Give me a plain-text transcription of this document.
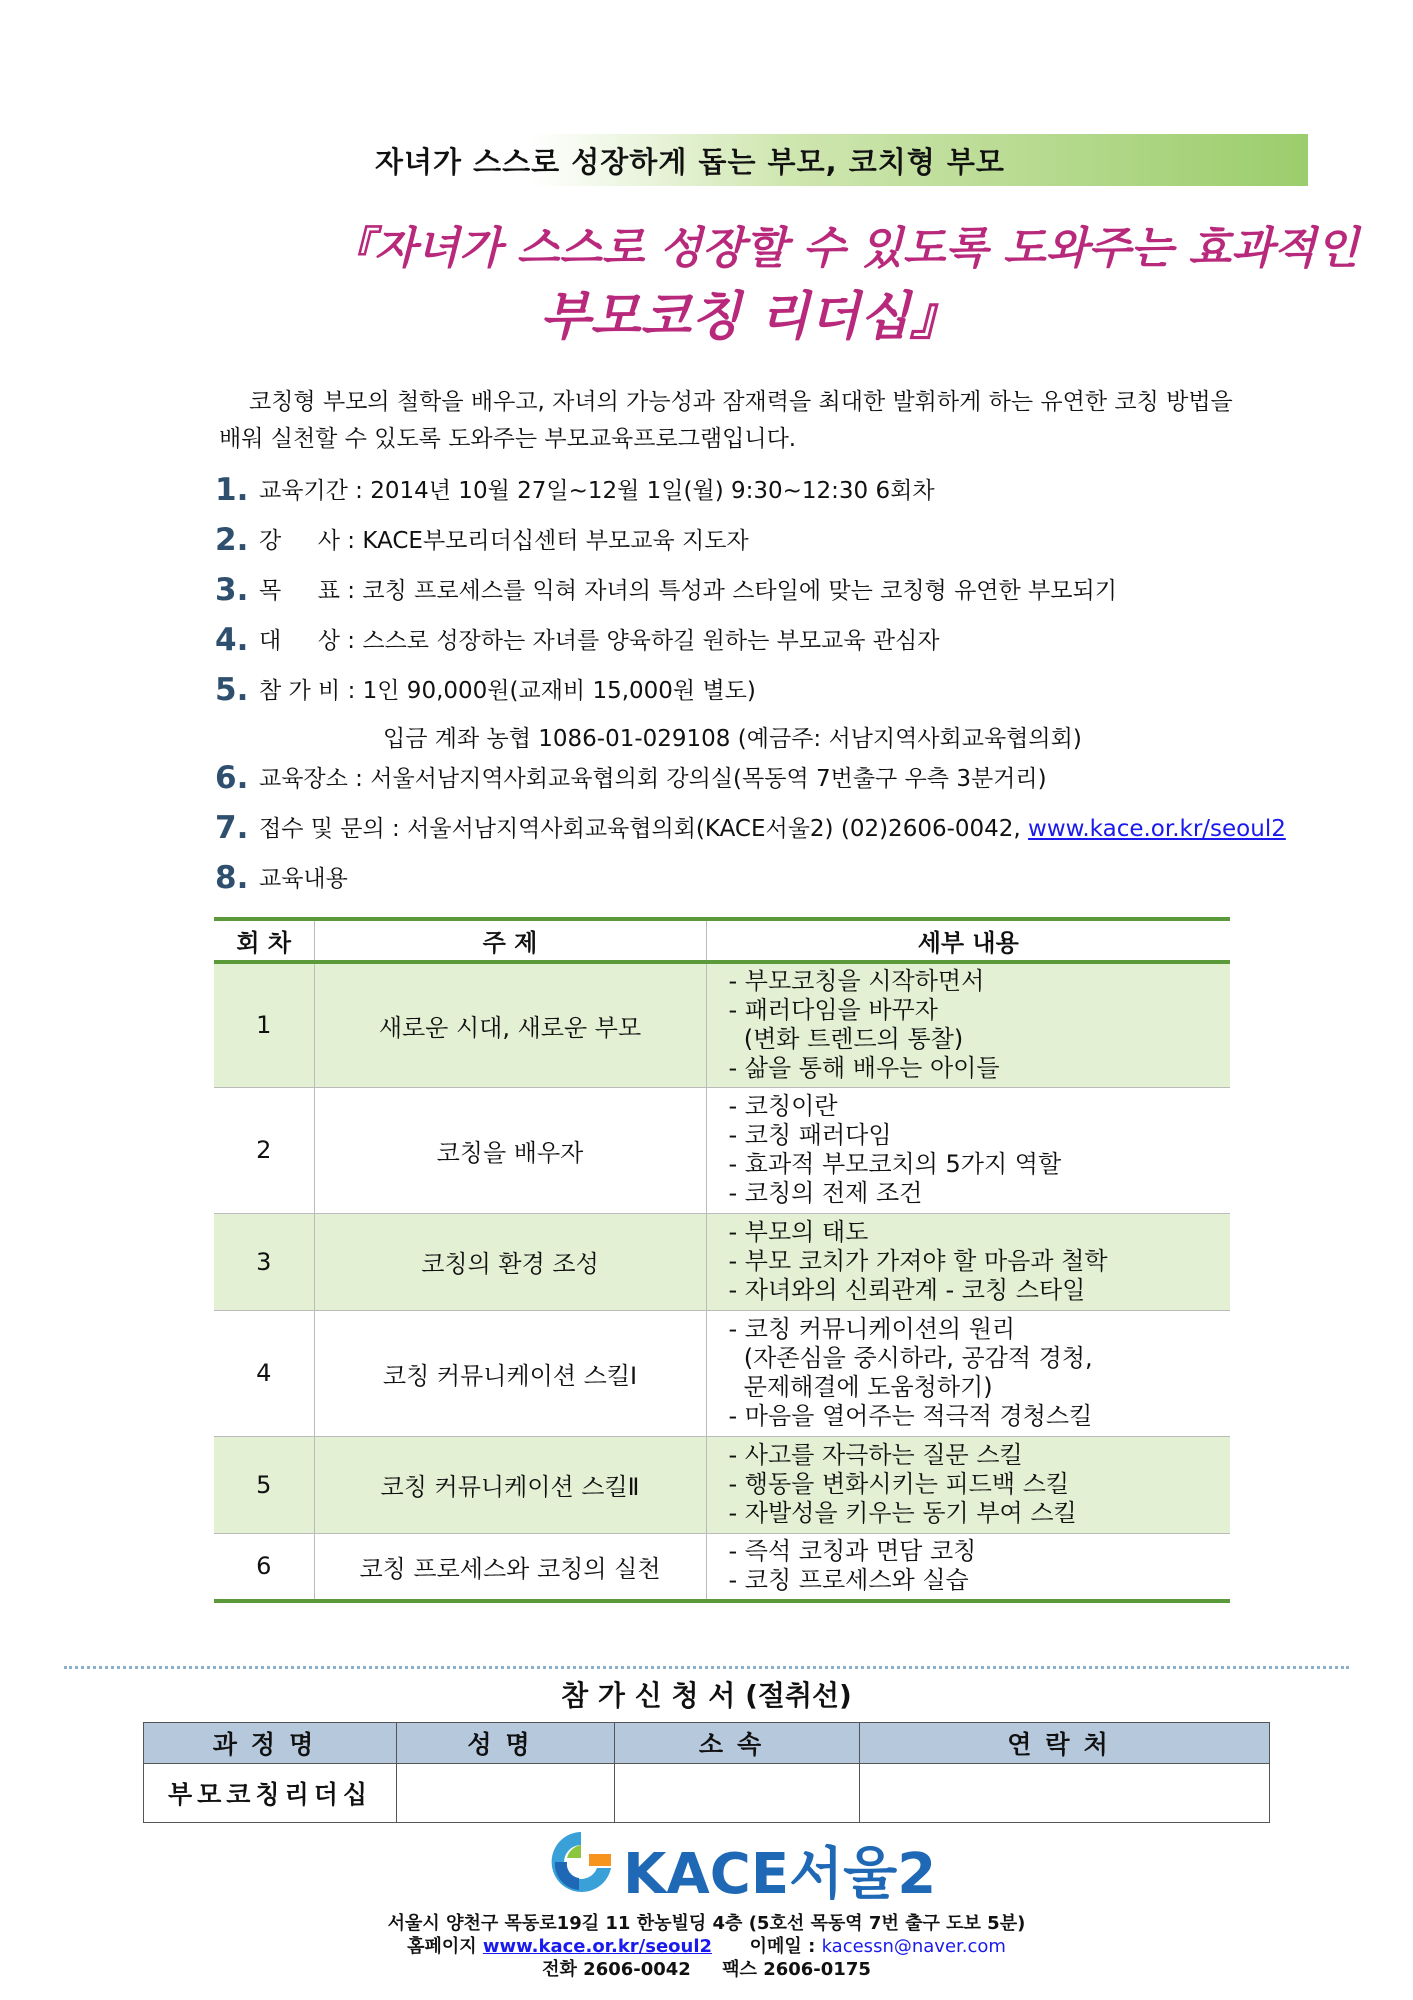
자녀가 스스로 성장하게 돕는 부모, 코치형 부모
『자녀가 스스로 성장할 수 있도록 도와주는 효과적인
부모코칭 리더십』
코칭형 부모의 철학을 배우고, 자녀의 가능성과 잠재력을 최대한 발휘하게 하는 유연한 코칭 방법을
배워 실천할 수 있도록 도와주는 부모교육프로그램입니다.
1. 교육기간 : 2014년 10월 27일~12월 1일(월) 9:30~12:30 6회차
2. 강     사 : KACE부모리더십센터 부모교육 지도자
3. 목     표 : 코칭 프로세스를 익혀 자녀의 특성과 스타일에 맞는 코칭형 유연한 부모되기
4. 대     상 : 스스로 성장하는 자녀를 양육하길 원하는 부모교육 관심자
5. 참 가 비 : 1인 90,000원(교재비 15,000원 별도)
입금 계좌 농협 1086-01-029108 (예금주: 서남지역사회교육협의회)
6. 교육장소 : 서울서남지역사회교육협의회 강의실(목동역 7번출구 우측 3분거리)
7. 접수 및 문의 : 서울서남지역사회교육협의회(KACE서울2) (02)2606-0042, www.kace.or.kr/seoul2
8. 교육내용
회 차	주 제	세부 내용
1	새로운 시대, 새로운 부모	- 부모코칭을 시작하면서
- 패러다임을 바꾸자
(변화 트렌드의 통찰)
- 삶을 통해 배우는 아이들

2	코칭을 배우자	- 코칭이란
- 코칭 패러다임
- 효과적 부모코치의 5가지 역할
- 코칭의 전제 조건

3	코칭의 환경 조성	- 부모의 태도
- 부모 코치가 가져야 할 마음과 철학
- 자녀와의 신뢰관계 - 코칭 스타일

4	코칭 커뮤니케이션 스킬Ⅰ	- 코칭 커뮤니케이션의 원리
(자존심을 중시하라, 공감적 경청,
문제해결에 도움청하기)
- 마음을 열어주는 적극적 경청스킬

5	코칭 커뮤니케이션 스킬Ⅱ	- 사고를 자극하는 질문 스킬
- 행동을 변화시키는 피드백 스킬
- 자발성을 키우는 동기 부여 스킬

6	코칭 프로세스와 코칭의 실천	- 즉석 코칭과 면담 코칭
- 코칭 프로세스와 실습
참 가 신 청 서 (절취선)
과정명	성명	소속	연락처
부모코칭리더십			
KACE서울2
서울시 양천구 목동로19길 11 한농빌딩 4층 (5호선 목동역 7번 출구 도보 5분)
홈페이지 www.kace.or.kr/seoul2 이메일 : kacessn@naver.com
전화 2606-0042     팩스 2606-0175
